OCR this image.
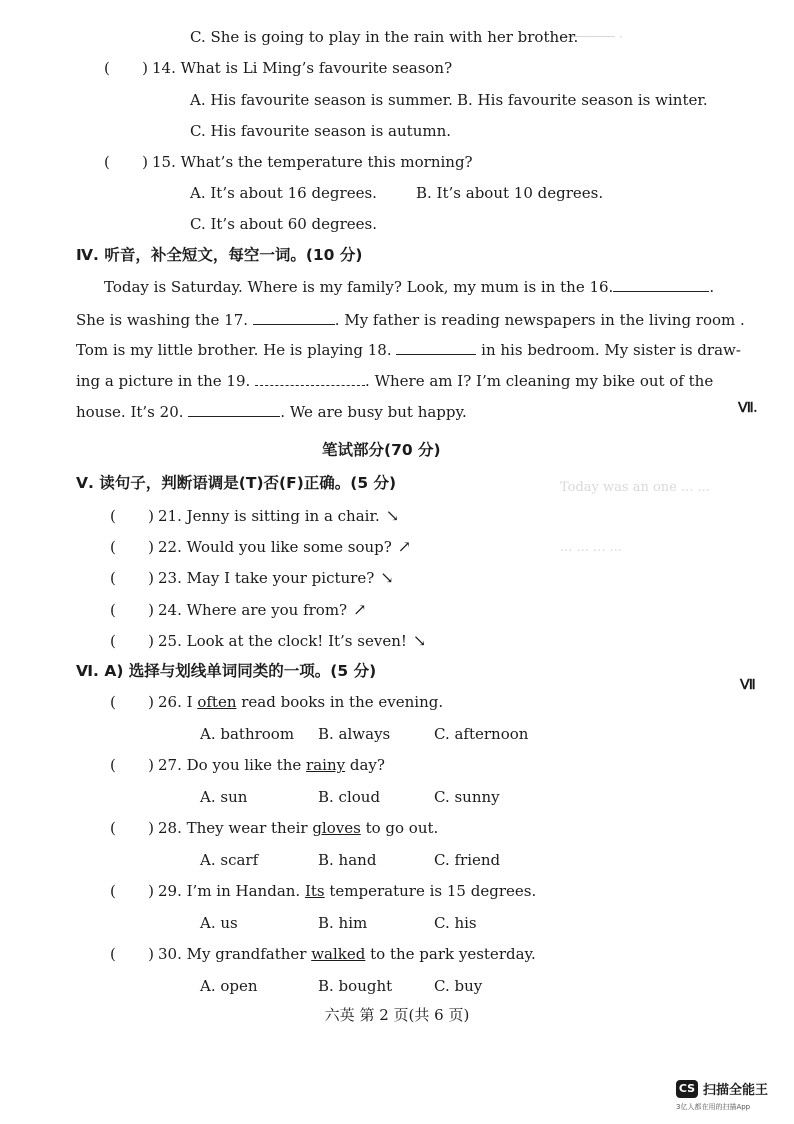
─────── ·
Today was an one ... ...
... ... ... ...
C. She is going to play in the rain with her brother.
( )14. What is Li Ming’s favourite season?
A. His favourite season is summer. B. His favourite season is winter.
C. His favourite season is autumn.
( )15. What’s the temperature this morning?
A. It’s about 16 degrees.	B. It’s about 10 degrees.
C. It’s about 60 degrees.
Ⅳ. 听音，补全短文，每空一词。(10 分)
Today is Saturday. Where is my family? Look, my mum is in the 16.	.
She is washing the 17.	. My father is reading newspapers in the living room .
Tom is my little brother. He is playing 18.	in his bedroom. My sister is draw-
ing a picture in the 19.	. Where am I? I’m cleaning my bike out of the
house. It’s 20.	. We are busy but happy.
笔试部分(70 分)
Ⅴ. 读句子，判断语调是(T)否(F)正确。(5 分)
( )21. Jenny is sitting in a chair. ↘
( )22. Would you like some soup? ↗
( )23. May I take your picture? ↘
( )24. Where are you from? ↗
( )25. Look at the clock! It’s seven! ↘
Ⅵ. A) 选择与划线单词同类的一项。(5 分)
( )26. I often read books in the evening.
A. bathroom B. always	C. afternoon
( )27. Do you like the rainy day?
A. sun	B. cloud	C. sunny
( )28. They wear their gloves to go out.
A. scarf	B. hand	C. friend
( )29. I’m in Handan. Its temperature is 15 degrees.
A. us	B. him	C. his
( )30. My grandfather walked to the park yesterday.
A. open	B. bought	C. buy
Ⅶ.
Ⅶ
六英 第 2 页(共 6 页)
CS 扫描全能王
3亿人都在用的扫描App
